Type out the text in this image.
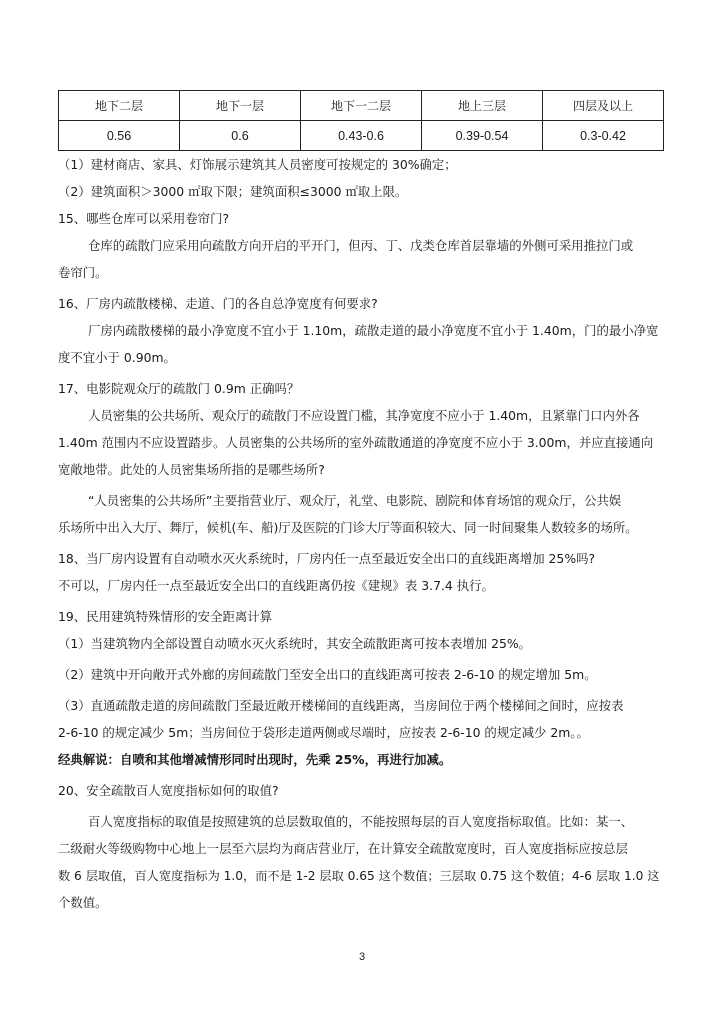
地下二层	地下一层	地下一二层	地上三层	四层及以上
0.56	0.6	0.43-0.6	0.39-0.54	0.3-0.42
（1）建材商店、家具、灯饰展示建筑其人员密度可按规定的 30%确定；
（2）建筑面积＞3000 ㎡取下限；建筑面积≤3000 ㎡取上限。
15、哪些仓库可以采用卷帘门?
仓库的疏散门应采用向疏散方向开启的平开门，但丙、丁、戊类仓库首层靠墙的外侧可采用推拉门或
卷帘门。
16、厂房内疏散楼梯、走道、门的各自总净宽度有何要求?
厂房内疏散楼梯的最小净宽度不宜小于 1.10m，疏散走道的最小净宽度不宜小于 1.40m，门的最小净宽
度不宜小于 0.90m。
17、电影院观众厅的疏散门 0.9m 正确吗？
人员密集的公共场所、观众厅的疏散门不应设置门槛，其净宽度不应小于 1.40m，且紧靠门口内外各
1.40m 范围内不应设置踏步。人员密集的公共场所的室外疏散通道的净宽度不应小于 3.00m，并应直接通向
宽敞地带。此处的人员密集场所指的是哪些场所?
“人员密集的公共场所”主要指营业厅、观众厅，礼堂、电影院、剧院和体育场馆的观众厅，公共娱
乐场所中出入大厅、舞厅，候机(车、船)厅及医院的门诊大厅等面积较大、同一时间聚集人数较多的场所。
18、当厂房内设置有自动喷水灭火系统时，厂房内任一点至最近安全出口的直线距离增加 25%吗?
不可以，厂房内任一点至最近安全出口的直线距离仍按《建规》表 3.7.4 执行。
19、民用建筑特殊情形的安全距离计算
（1）当建筑物内全部设置自动喷水灭火系统时，其安全疏散距离可按本表增加 25%。
（2）建筑中开向敞开式外廊的房间疏散门至安全出口的直线距离可按表 2-6-10 的规定增加 5m。
（3）直通疏散走道的房间疏散门至最近敞开楼梯间的直线距离，当房间位于两个楼梯间之间时，应按表
2-6-10 的规定减少 5m；当房间位于袋形走道两侧或尽端时，应按表 2-6-10 的规定减少 2m。。
经典解说：自喷和其他增减情形同时出现时，先乘 25%，再进行加减。
20、安全疏散百人宽度指标如何的取值?
百人宽度指标的取值是按照建筑的总层数取值的，不能按照每层的百人宽度指标取值。比如：某一、
二级耐火等级购物中心地上一层至六层均为商店营业厅，在计算安全疏散宽度时，百人宽度指标应按总层
数 6 层取值，百人宽度指标为 1.0，而不是 1-2 层取 0.65 这个数值；三层取 0.75 这个数值；4-6 层取 1.0 这
个数值。
3
